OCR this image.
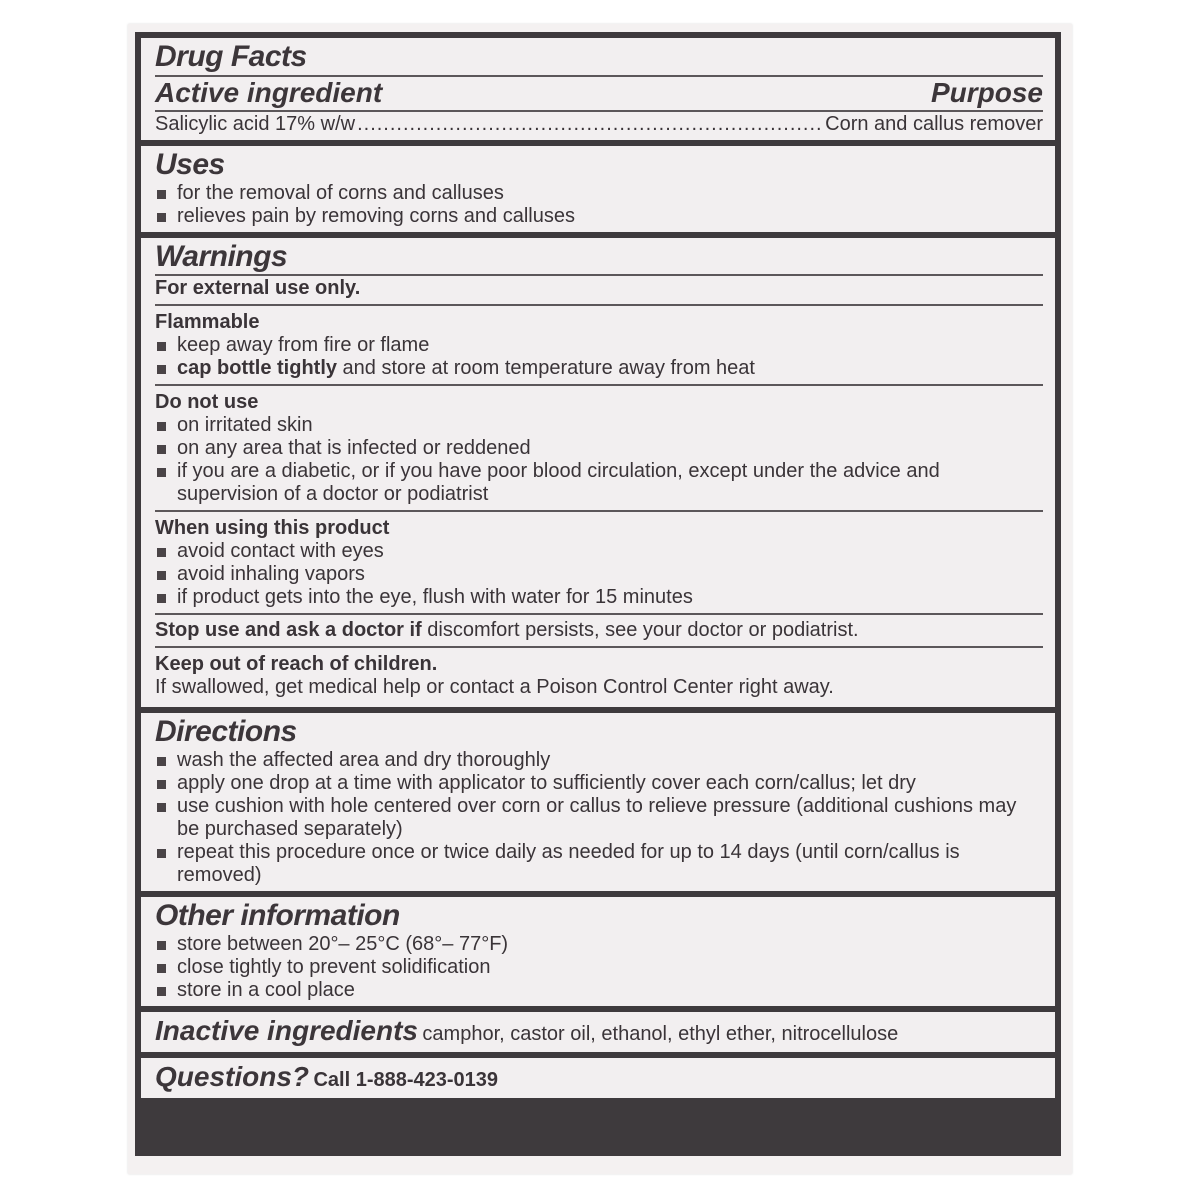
Drug Facts
Active ingredient	Purpose
Salicylic acid 17% w/w
.....	Corn and callus remover
Uses
for the removal of corns and calluses
relieves pain by removing corns and calluses
Warnings
For external use only.
Flammable
keep away from fire or flame
cap bottle tightly and store at room temperature away from heat
Do not use
on irritated skin
on any area that is infected or reddened
if you are a diabetic, or if you have poor blood circulation, except under the advice and supervision of a doctor or podiatrist
When using this product
avoid contact with eyes
avoid inhaling vapors
if product gets into the eye, flush with water for 15 minutes
Stop use and ask a doctor if discomfort persists, see your doctor or podiatrist.
Keep out of reach of children.
If swallowed, get medical help or contact a Poison Control Center right away.
Directions
wash the affected area and dry thoroughly
apply one drop at a time with applicator to sufficiently cover each corn/callus; let dry
use cushion with hole centered over corn or callus to relieve pressure (additional cushions may be purchased separately)
repeat this procedure once or twice daily as needed for up to 14 days (until corn/callus is removed)
Other information
store between 20°– 25°C (68°– 77°F)
close tightly to prevent solidification
store in a cool place
Inactive ingredients camphor, castor oil, ethanol, ethyl ether, nitrocellulose
Questions? Call 1-888-423-0139
